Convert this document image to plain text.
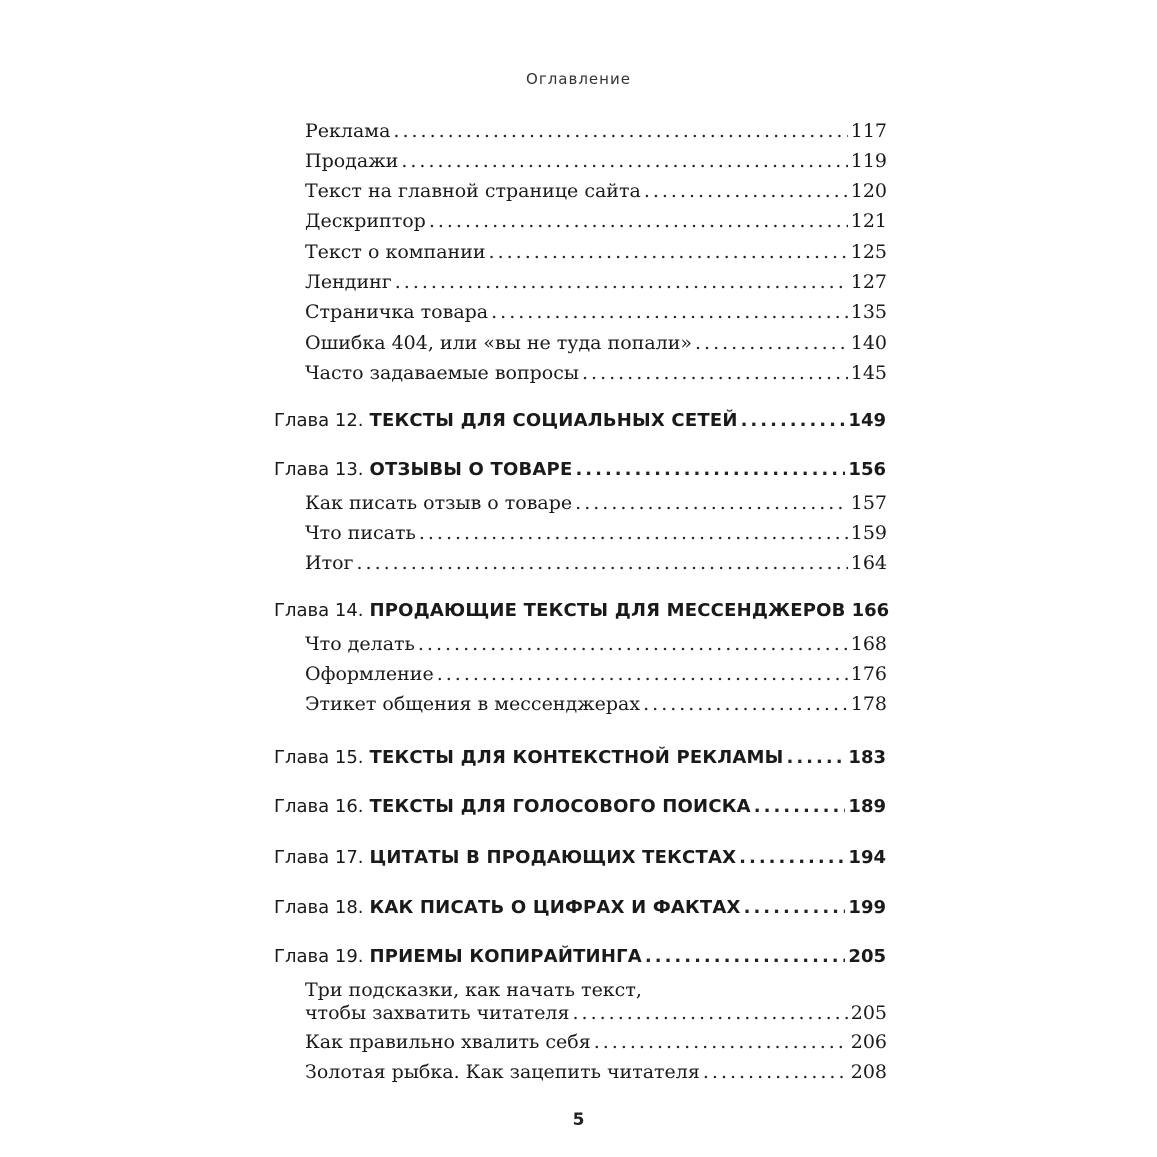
Оглавление
Реклама .....	117
Продажи .....	119
Текст на главной странице сайта .....	120
Дескриптор .....	121
Текст о компании .....	125
Лендинг .....	127
Страничка товара .....	135
Ошибка 404, или «вы не туда попали» .....	140
Часто задаваемые вопросы .....	145
Глава 12. ТЕКСТЫ ДЛЯ СОЦИАЛЬНЫХ СЕТЕЙ .....	149
Глава 13. ОТЗЫВЫ О ТОВАРЕ .....	156
Как писать отзыв о товаре .....	157
Что писать .....	159
Итог .....	164
Глава 14. ПРОДАЮЩИЕ ТЕКСТЫ ДЛЯ МЕССЕНДЖЕРОВ 166
Что делать .....	168
Оформление .....	176
Этикет общения в мессенджерах .....	178
Глава 15. ТЕКСТЫ ДЛЯ КОНТЕКСТНОЙ РЕКЛАМЫ .....	183
Глава 16. ТЕКСТЫ ДЛЯ ГОЛОСОВОГО ПОИСКА .....	189
Глава 17. ЦИТАТЫ В ПРОДАЮЩИХ ТЕКСТАХ .....	194
Глава 18. КАК ПИСАТЬ О ЦИФРАХ И ФАКТАХ .....	199
Глава 19. ПРИЕМЫ КОПИРАЙТИНГА .....	205
Три подсказки, как начать текст,
чтобы захватить читателя .....	205
Как правильно хвалить себя .....	206
Золотая рыбка. Как зацепить читателя .....	208
5
